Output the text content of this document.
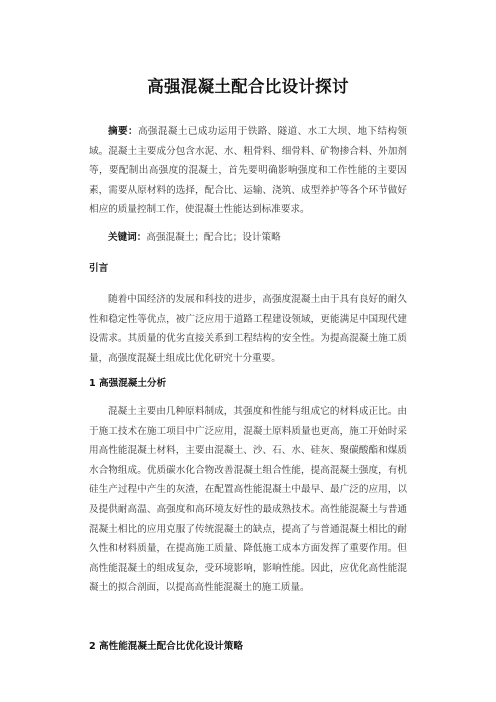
高强混凝土配合比设计探讨

摘要：高强混凝土已成功运用于铁路、隧道、水工大坝、地下结构领域。混凝土主要成分包含水泥、水、粗骨料、细骨料、矿物掺合料、外加剂等，要配制出高强度的混凝土，首先要明确影响强度和工作性能的主要因素，需要从原材料的选择，配合比、运输、浇筑、成型养护等各个环节做好相应的质量控制工作，使混凝土性能达到标准要求。

关键词：高强混凝土；配合比；设计策略

引言

随着中国经济的发展和科技的进步，高强度混凝土由于具有良好的耐久性和稳定性等优点，被广泛应用于道路工程建设领域，更能满足中国现代建设需求。其质量的优劣直接关系到工程结构的安全性。为提高混凝土施工质量，高强度混凝土组成比优化研究十分重要。

1 高强混凝土分析

混凝土主要由几种原料制成，其强度和性能与组成它的材料成正比。由于施工技术在施工项目中广泛应用，混凝土原料质量也更高，施工开始时采用高性能混凝土材料，主要由混凝土、沙、石、水、硅灰、聚碳酸酯和煤质水合物组成。优质碳水化合物改善混凝土组合性能，提高混凝土强度，有机硅生产过程中产生的灰渣，在配置高性能混凝土中最早、最广泛的应用，以及提供耐高温、高强度和高环境友好性的最成熟技术。高性能混凝土与普通混凝土相比的应用克服了传统混凝土的缺点，提高了与普通混凝土相比的耐久性和材料质量，在提高施工质量、降低施工成本方面发挥了重要作用。但高性能混凝土的组成复杂，受环境影响，影响性能。因此，应优化高性能混凝土的拟合剖面，以提高高性能混凝土的施工质量。

2 高性能混凝土配合比优化设计策略
